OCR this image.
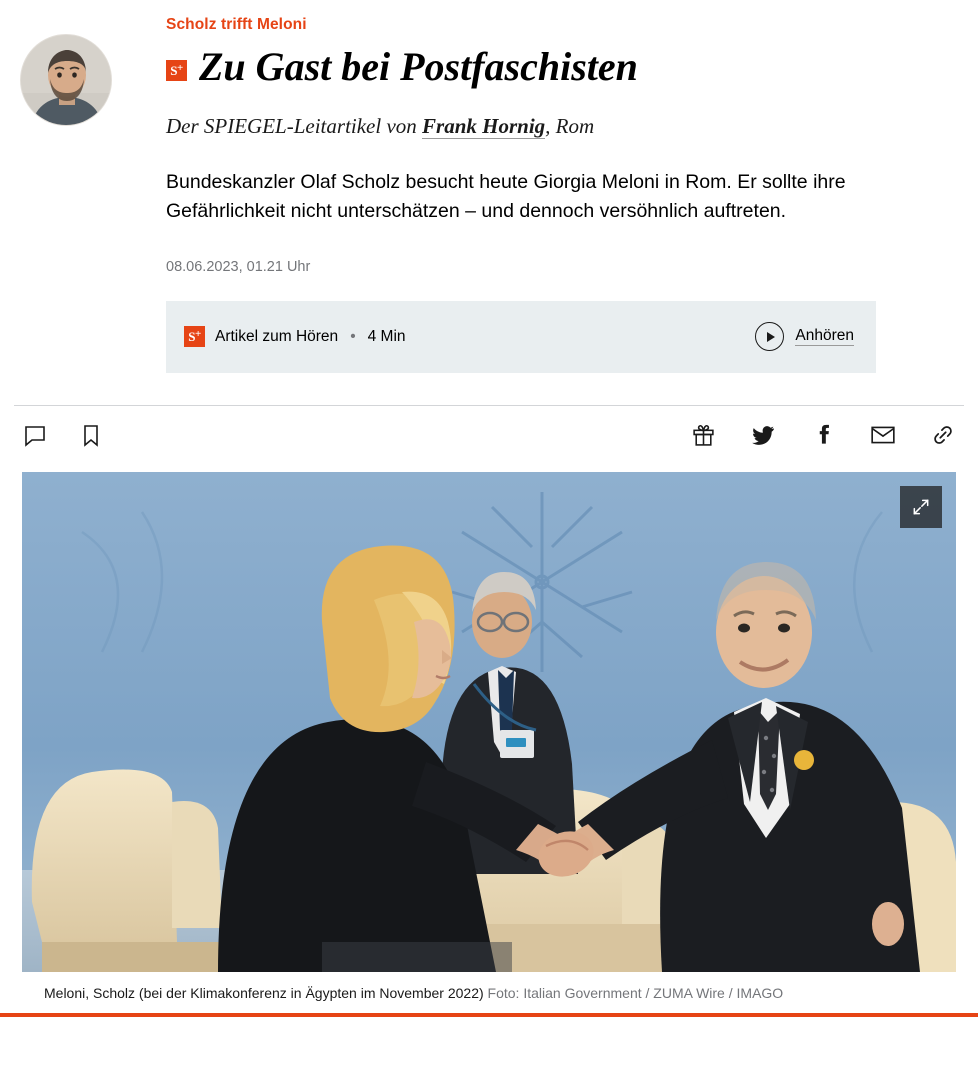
Scholz trifft Meloni
S + Zu Gast bei Postfaschisten
Der SPIEGEL-Leitartikel von Frank Hornig, Rom

Bundeskanzler Olaf Scholz besucht heute Giorgia Meloni in Rom. Er sollte ihre Gefährlichkeit nicht unterschätzen – und dennoch versöhnlich auftreten.

08.06.2023, 01.21 Uhr
S + Artikel zum Hören • 4 Min	Anhören
Meloni, Scholz (bei der Klimakonferenz in Ägypten im November 2022) Foto: Italian Government / ZUMA Wire / IMAGO
